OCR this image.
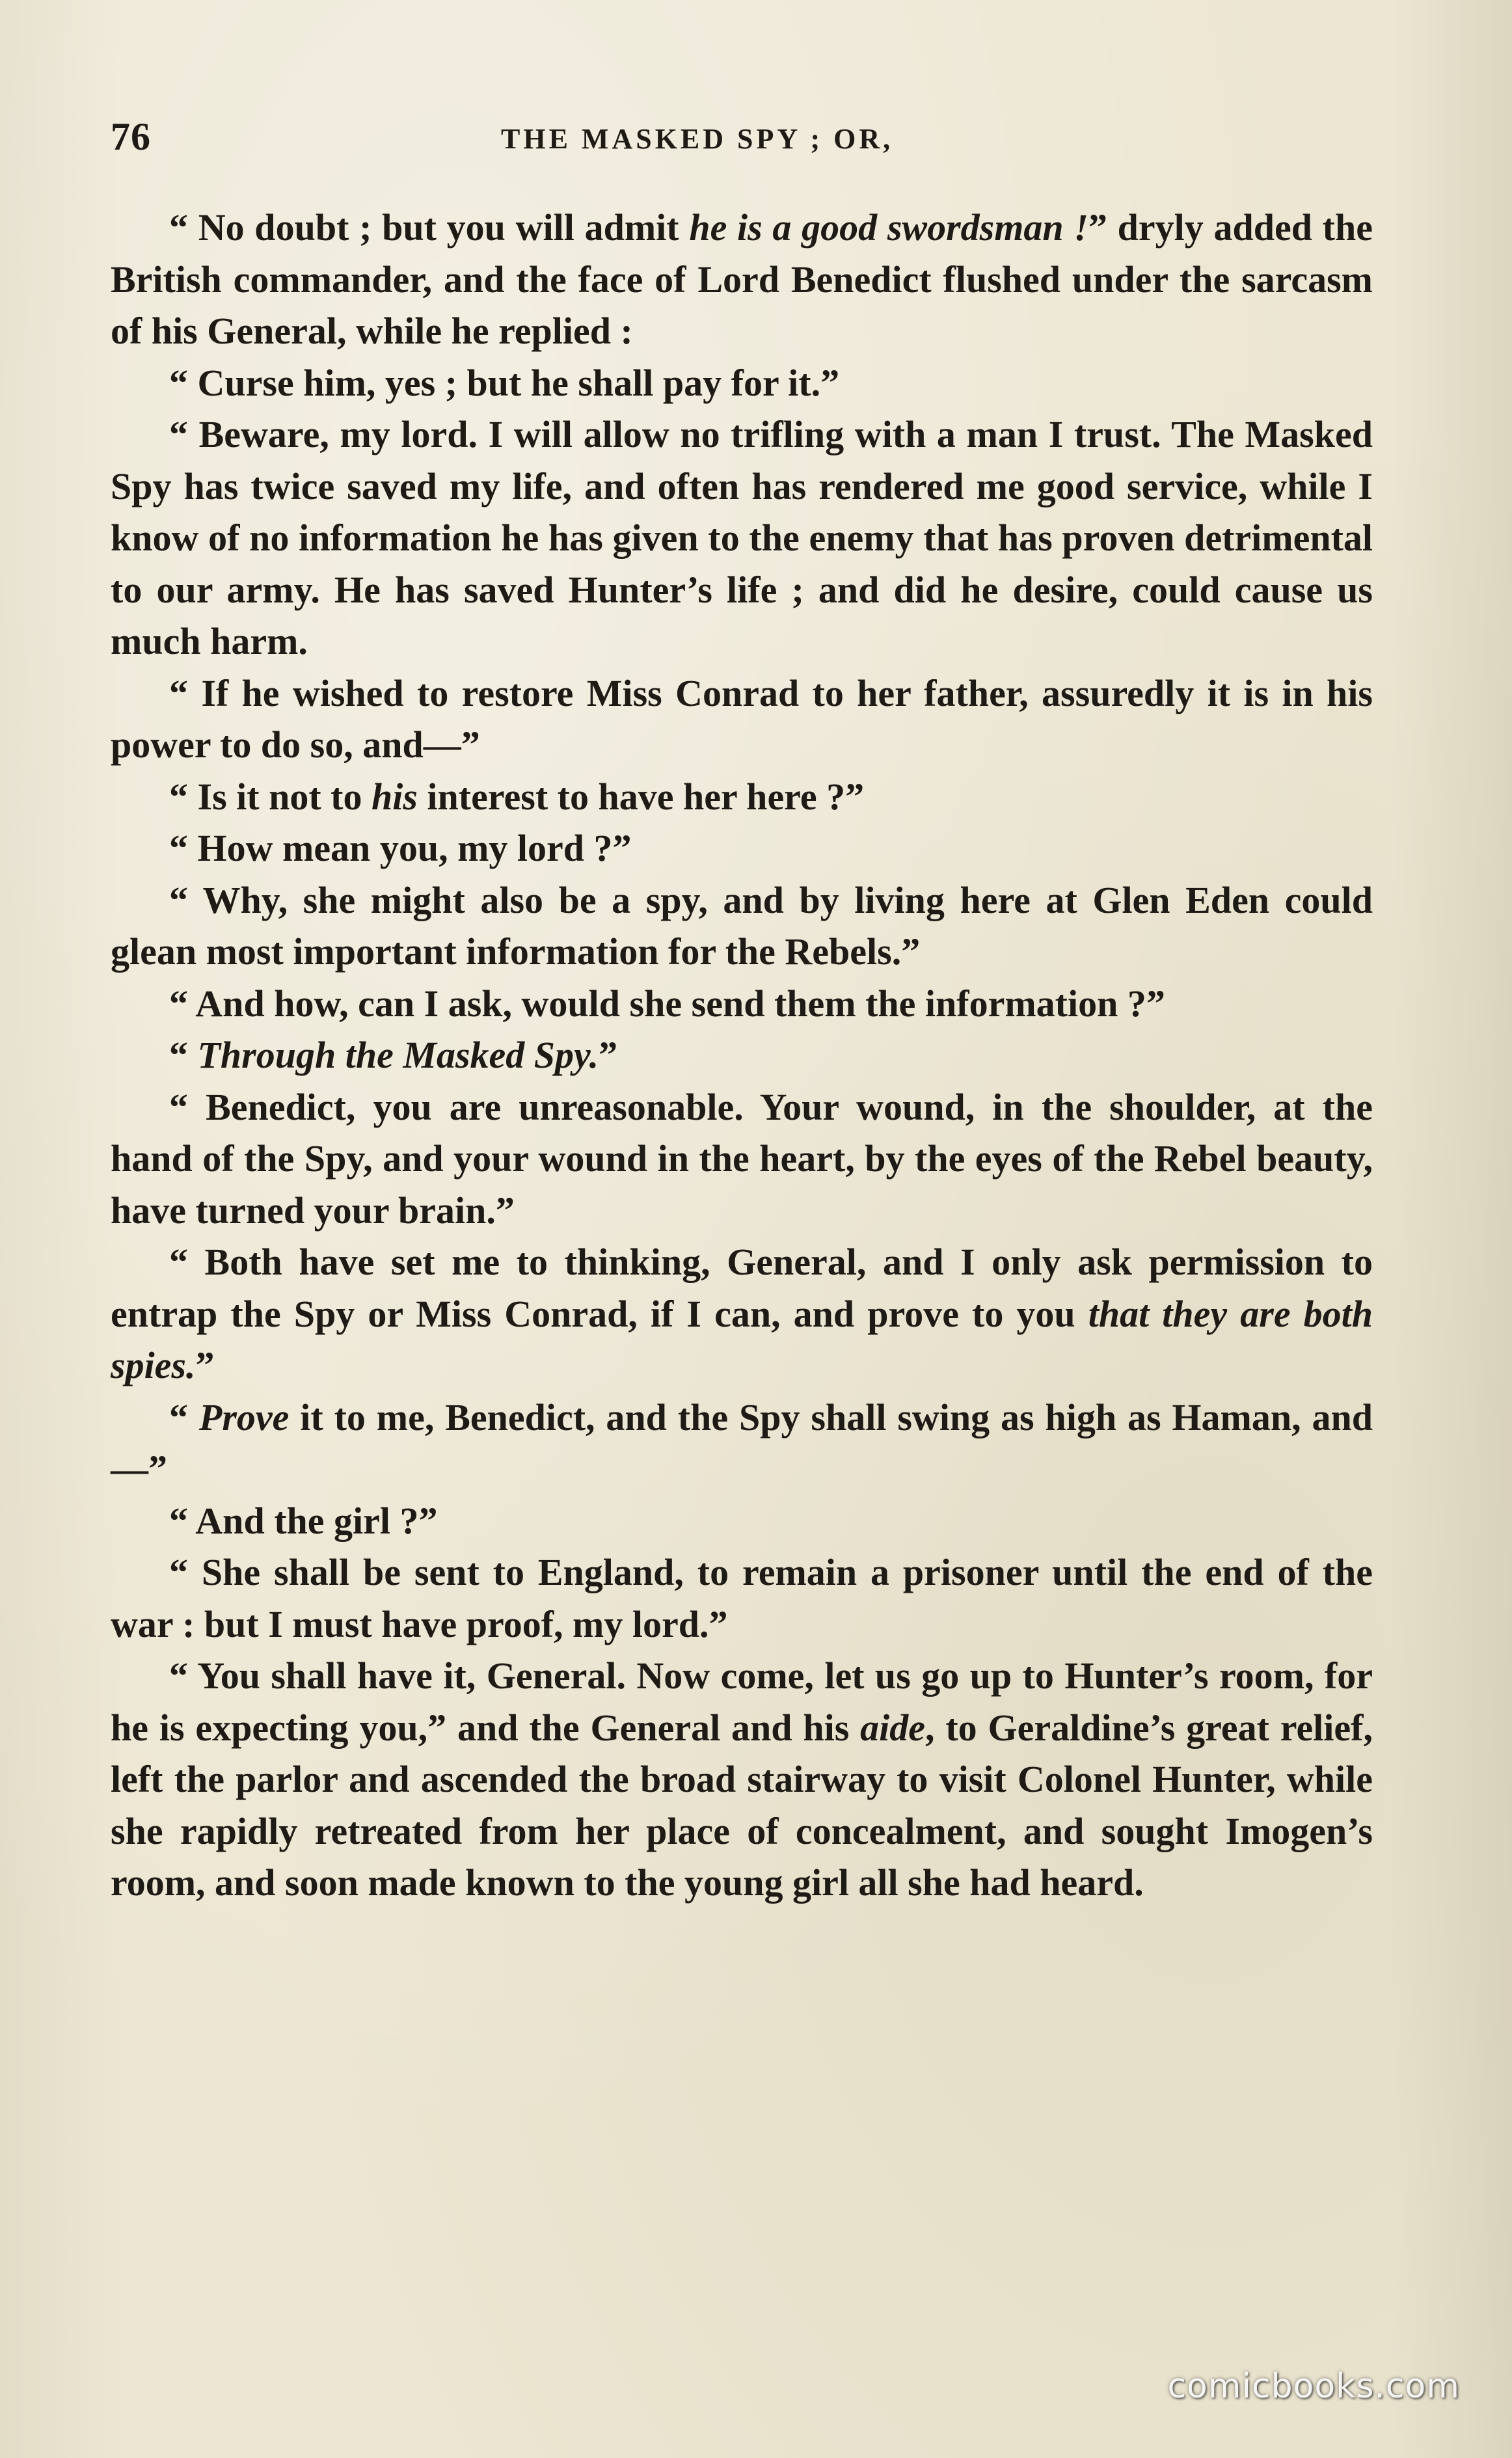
76	THE MASKED SPY ; OR,

“ No doubt ; but you will admit he is a good swordsman !” dryly added the British commander, and the face of Lord Benedict flushed under the sarcasm of his General, while he replied :

“ Curse him, yes ; but he shall pay for it.”

“ Beware, my lord. I will allow no trifling with a man I trust. The Masked Spy has twice saved my life, and often has rendered me good service, while I know of no information he has given to the enemy that has proven detrimental to our army. He has saved Hunter’s life ; and did he desire, could cause us much harm.

“ If he wished to restore Miss Conrad to her father, assuredly it is in his power to do so, and—”

“ Is it not to his interest to have her here ?”

“ How mean you, my lord ?”

“ Why, she might also be a spy, and by living here at Glen Eden could glean most important information for the Rebels.”

“ And how, can I ask, would she send them the information ?”

“ Through the Masked Spy.”

“ Benedict, you are unreasonable. Your wound, in the shoulder, at the hand of the Spy, and your wound in the heart, by the eyes of the Rebel beauty, have turned your brain.”

“ Both have set me to thinking, General, and I only ask permission to entrap the Spy or Miss Conrad, if I can, and prove to you that they are both spies.”

“ Prove it to me, Benedict, and the Spy shall swing as high as Haman, and—”

“ And the girl ?”

“ She shall be sent to England, to remain a prisoner until the end of the war : but I must have proof, my lord.”

“ You shall have it, General. Now come, let us go up to Hunter’s room, for he is expecting you,” and the General and his aide, to Geraldine’s great relief, left the parlor and ascended the broad stairway to visit Colonel Hunter, while she rapidly retreated from her place of concealment, and sought Imogen’s room, and soon made known to the young girl all she had heard.

comicbooks.com
